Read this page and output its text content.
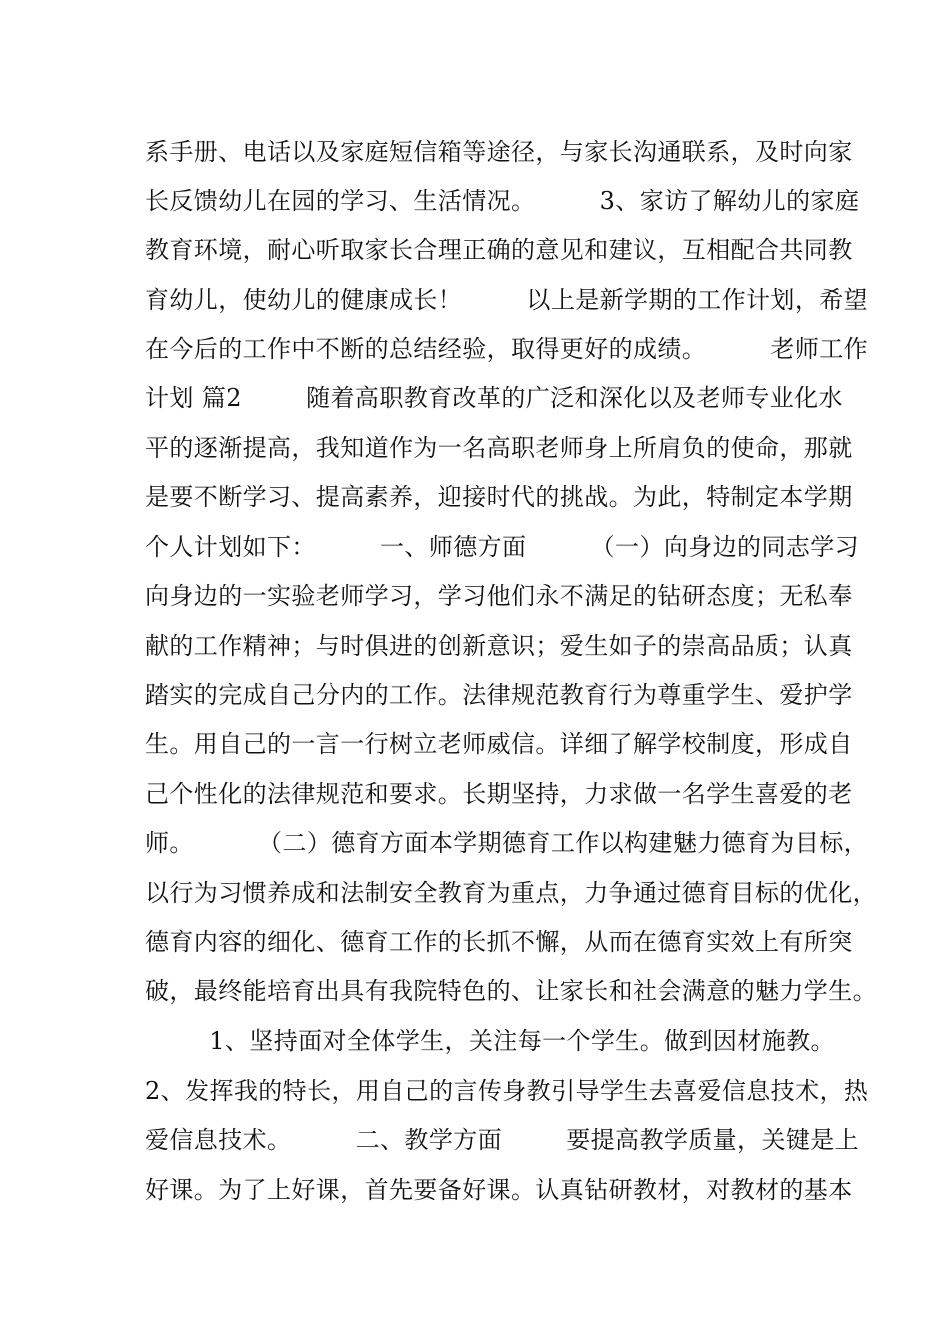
系手册、电话以及家庭短信箱等途径，与家长沟通联系，及时向家
长反馈幼儿在园的学习、生活情况。        3、家访了解幼儿的家庭
教育环境，耐心听取家长合理正确的意见和建议，互相配合共同教
育幼儿，使幼儿的健康成长！        以上是新学期的工作计划，希望
在今后的工作中不断的总结经验，取得更好的成绩。        老师工作
计划 篇2        随着高职教育改革的广泛和深化以及老师专业化水
平的逐渐提高，我知道作为一名高职老师身上所肩负的使命，那就
是要不断学习、提高素养，迎接时代的挑战。为此，特制定本学期
个人计划如下：        一、师德方面        （一）向身边的同志学习
向身边的一实验老师学习，学习他们永不满足的钻研态度；无私奉
献的工作精神；与时俱进的创新意识；爱生如子的崇高品质；认真
踏实的完成自己分内的工作。法律规范教育行为尊重学生、爱护学
生。用自己的一言一行树立老师威信。详细了解学校制度，形成自
己个性化的法律规范和要求。长期坚持，力求做一名学生喜爱的老
师。        （二）德育方面本学期德育工作以构建魅力德育为目标，
以行为习惯养成和法制安全教育为重点，力争通过德育目标的优化，
德育内容的细化、德育工作的长抓不懈，从而在德育实效上有所突
破，最终能培育出具有我院特色的、让家长和社会满意的魅力学生。
1、坚持面对全体学生，关注每一个学生。做到因材施教。
2、发挥我的特长，用自己的言传身教引导学生去喜爱信息技术，热
爱信息技术。        二、教学方面        要提高教学质量，关键是上
好课。为了上好课，首先要备好课。认真钻研教材，对教材的基本
